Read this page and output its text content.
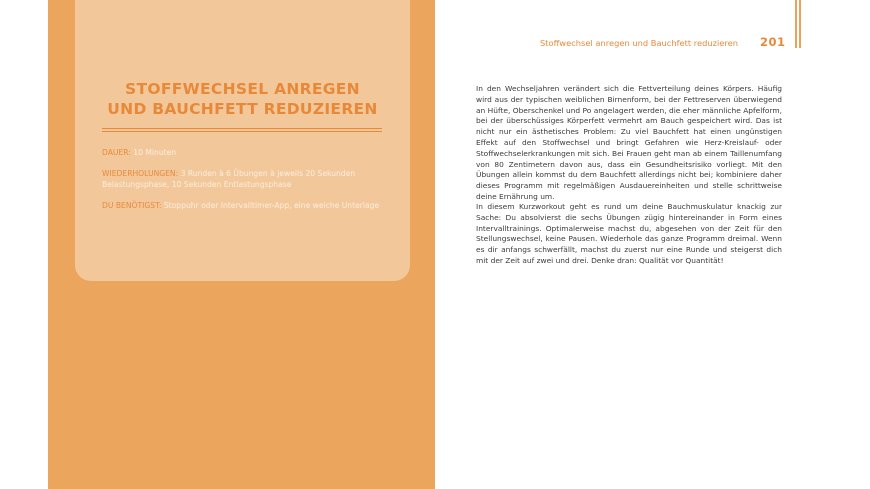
STOFFWECHSEL ANREGEN
UND BAUCHFETT REDUZIEREN
DAUER: 10 Minuten
WIEDERHOLUNGEN: 3 Runden à 6 Übungen à jeweils 20 Sekunden Belastungsphase, 10 Sekunden Entlastungsphase
DU BENÖTIGST: Stoppuhr oder Intervalltimer-App, eine weiche Unterlage
Stoffwechsel anregen und Bauchfett reduzieren 201

In den Wechseljahren verändert sich die Fettverteilung deines Körpers. Häufig wird aus der typischen weiblichen Birnenform, bei der Fettreserven überwiegend an Hüfte, Oberschenkel und Po angelagert werden, die eher männliche Apfelform, bei der überschüssiges Körperfett vermehrt am Bauch gespeichert wird. Das ist nicht nur ein ästhetisches Problem: Zu viel Bauchfett hat einen ungünstigen Effekt auf den Stoffwechsel und bringt Gefahren wie Herz-Kreislauf- oder Stoffwechselerkrankungen mit sich. Bei Frauen geht man ab einem Taillenumfang von 80 Zentimetern davon aus, dass ein Gesundheitsrisiko vorliegt. Mit den Übungen allein kommst du dem Bauchfett allerdings nicht bei; kombiniere daher dieses Programm mit regelmäßigen Ausdauereinheiten und stelle schrittweise deine Ernährung um.

In diesem Kurzworkout geht es rund um deine Bauchmuskulatur knackig zur Sache: Du absolvierst die sechs Übungen zügig hintereinander in Form eines Intervalltrainings. Optimalerweise machst du, abgesehen von der Zeit für den Stellungswechsel, keine Pausen. Wiederhole das ganze Programm dreimal. Wenn es dir anfangs schwerfällt, machst du zuerst nur eine Runde und steigerst dich mit der Zeit auf zwei und drei. Denke dran: Qualität vor Quantität!
